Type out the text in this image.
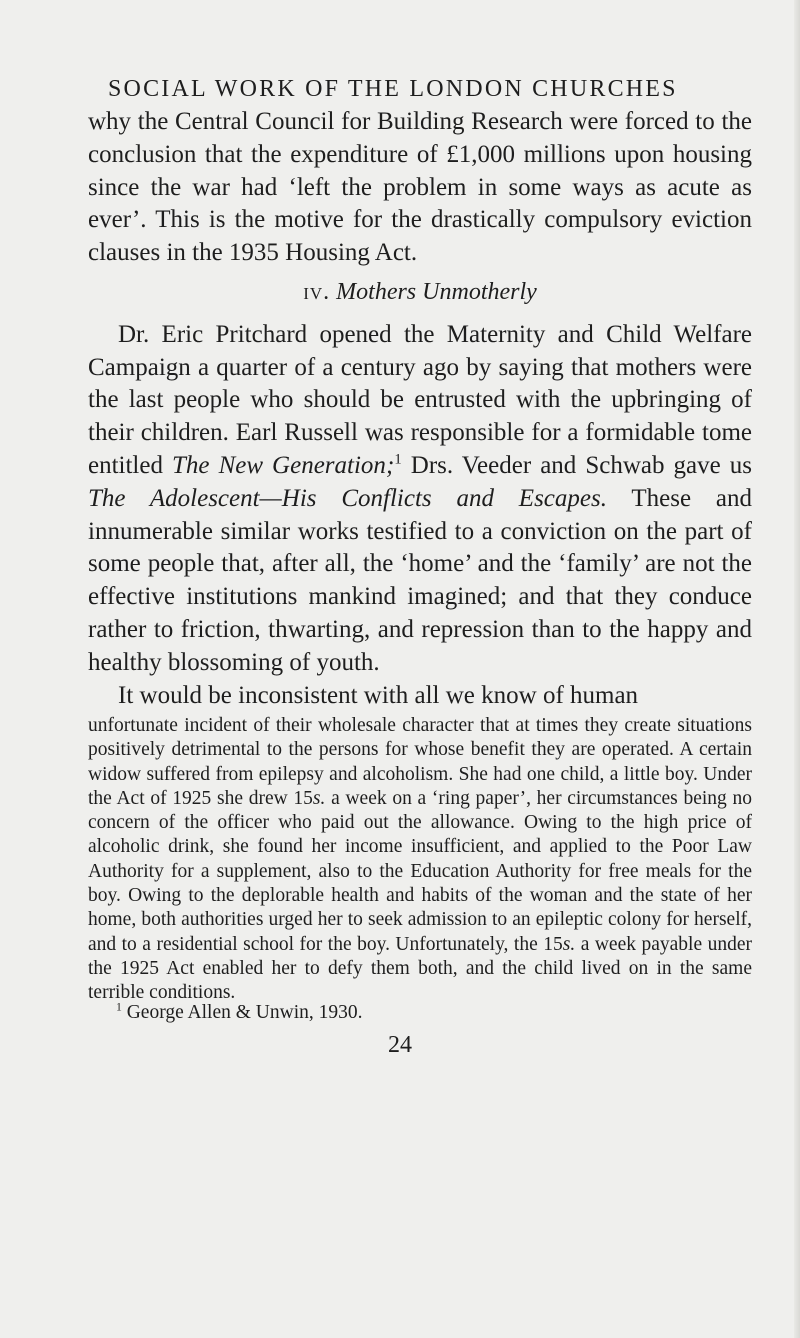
SOCIAL WORK OF THE LONDON CHURCHES

why the Central Council for Building Research were forced to the conclusion that the expenditure of £1,000 millions upon housing since the war had ‘left the problem in some ways as acute as ever’. This is the motive for the drastically compulsory eviction clauses in the 1935 Housing Act.

iv. Mothers Unmotherly

Dr. Eric Pritchard opened the Maternity and Child Welfare Campaign a quarter of a century ago by saying that mothers were the last people who should be entrusted with the upbringing of their children. Earl Russell was responsible for a formidable tome entitled The New Generation;$^1$ Drs. Veeder and Schwab gave us The Adolescent—His Conflicts and Escapes. These and innumerable similar works testified to a conviction on the part of some people that, after all, the ‘home’ and the ‘family’ are not the effective institutions mankind imagined; and that they conduce rather to friction, thwarting, and repression than to the happy and healthy blossoming of youth.

It would be inconsistent with all we know of human

unfortunate incident of their wholesale character that at times they create situations positively detrimental to the persons for whose benefit they are operated. A certain widow suffered from epilepsy and alcoholism. She had one child, a little boy. Under the Act of 1925 she drew 15s. a week on a ‘ring paper’, her circumstances being no concern of the officer who paid out the allowance. Owing to the high price of alcoholic drink, she found her income insufficient, and applied to the Poor Law Authority for a supplement, also to the Education Authority for free meals for the boy. Owing to the deplorable health and habits of the woman and the state of her home, both authorities urged her to seek admission to an epileptic colony for herself, and to a residential school for the boy. Unfortunately, the 15s. a week payable under the 1925 Act enabled her to defy them both, and the child lived on in the same terrible conditions.

$^1$ George Allen & Unwin, 1930.

24
